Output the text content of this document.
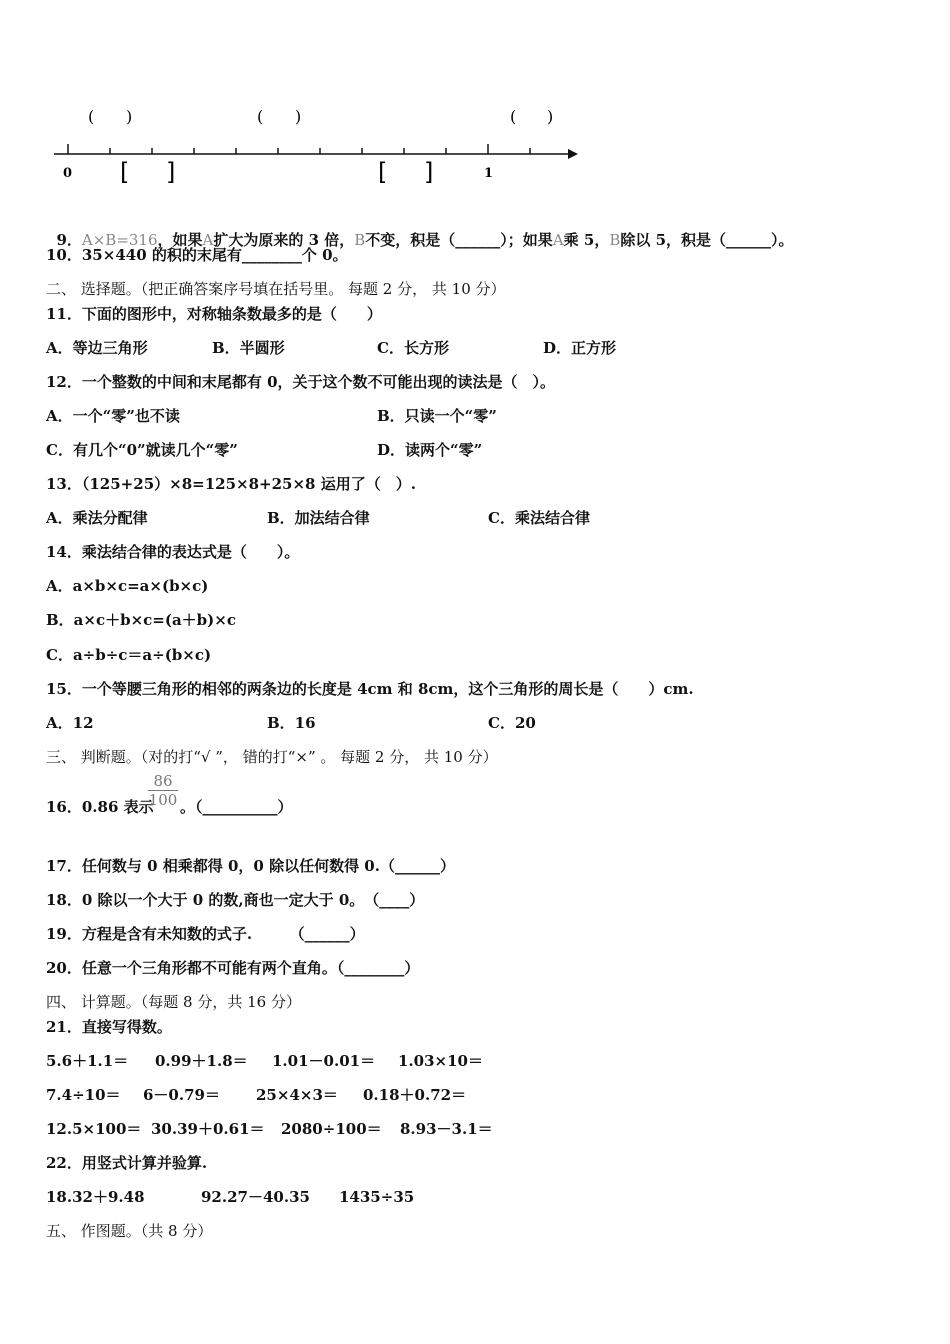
( )	( )	( )
0	1
[ ]	[ ]

9．A×B=316，如果A扩大为原来的 3 倍，B不变，积是（______）；如果A乘 5，B除以 5，积是（______）。

10．35×440 的积的末尾有________个 0。
二、 选择题。（把正确答案序号填在括号里。 每题 2 分， 共 10 分）
11．下面的图形中，对称轴条数最多的是（　　）
A．等边三角形	B．半圆形	C．长方形	D．正方形
12．一个整数的中间和末尾都有 0，关于这个数不可能出现的读法是（　）。
A．一个“零”也不读	B．只读一个“零”
C．有几个“0”就读几个“零”	D．读两个“零”
13．（125+25）×8=125×8+25×8 运用了（　）.
A．乘法分配律	B．加法结合律	C．乘法结合律
14．乘法结合律的表达式是（　　）。
A．a×b×c=a×(b×c)
B．a×c＋b×c=(a＋b)×c
C．a÷b÷c＝a÷(b×c)
15．一个等腰三角形的相邻的两条边的长度是 4cm 和 8cm，这个三角形的周长是（　　）cm.
A．12	B．16	C．20
三、 判断题。（对的打“√ ”， 错的打“×” 。 每题 2 分， 共 10 分）
16．0.86 表示
$\frac{86}{100}$ 。（__________）
17．任何数与 0 相乘都得 0，0 除以任何数得 0.（______）
18．0 除以一个大于 0 的数,商也一定大于 0。　（____）
19．方程是含有未知数的式子.　　　（______）
20．任意一个三角形都不可能有两个直角。（________）
四、 计算题。（每题 8 分，共 16 分）
21．直接写得数。
5.6＋1.1＝ 0.99＋1.8＝ 1.01－0.01＝ 1.03×10＝
7.4÷10＝ 6－0.79＝ 25×4×3＝ 0.18＋0.72＝
12.5×100＝ 30.39＋0.61＝ 2080÷100＝ 8.93－3.1＝
22．用竖式计算并验算.
18.32＋9.48	92.27－40.35 1435÷35
五、 作图题。（共 8 分）
